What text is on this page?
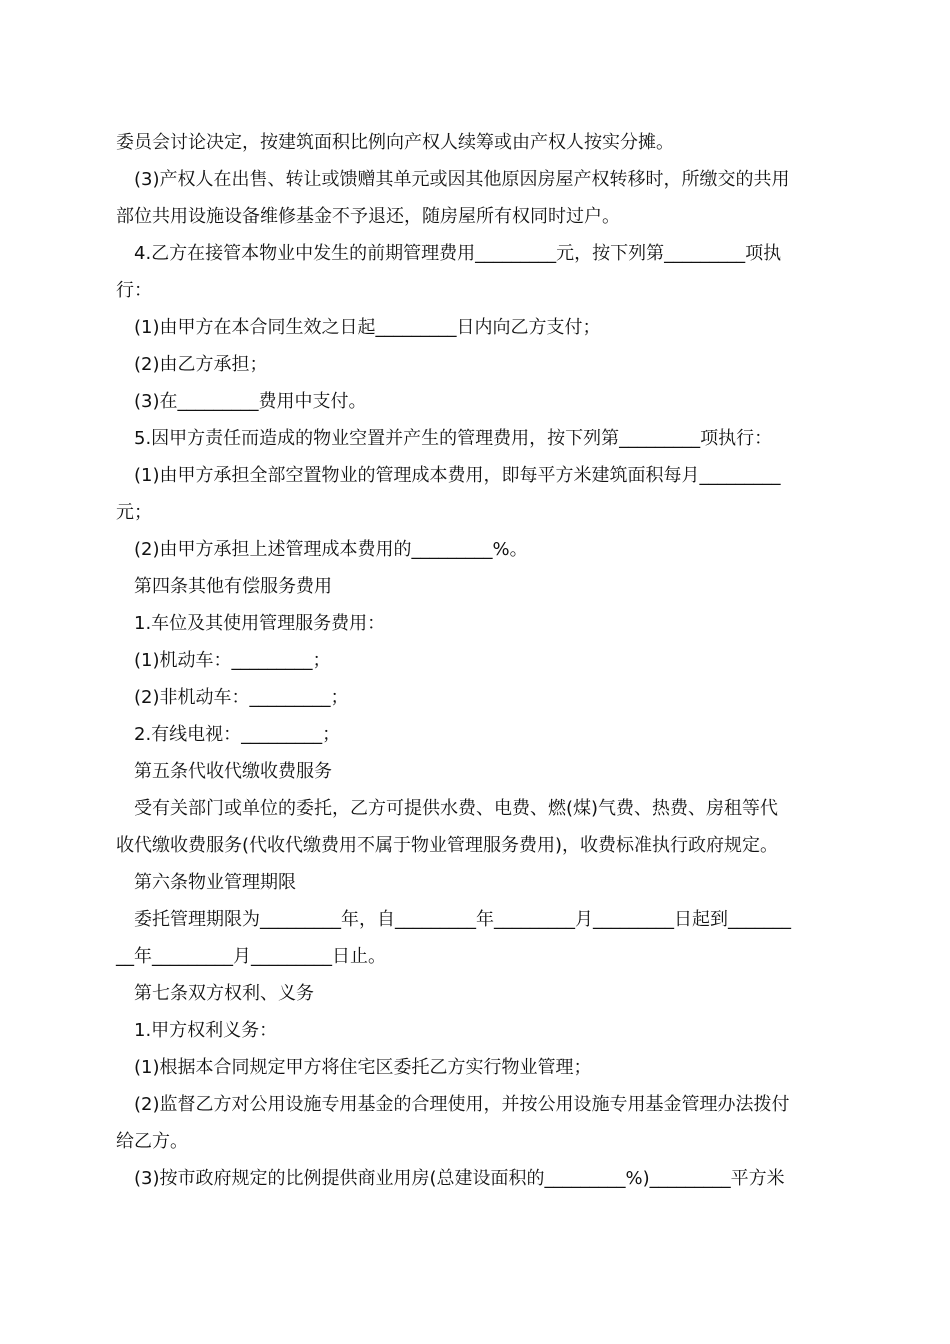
委员会讨论决定，按建筑面积比例向产权人续筹或由产权人按实分摊。

(3)产权人在出售、转让或馈赠其单元或因其他原因房屋产权转移时，所缴交的共用

部位共用设施设备维修基金不予退还，随房屋所有权同时过户。

4.乙方在接管本物业中发生的前期管理费用_________元，按下列第_________项执

行：

(1)由甲方在本合同生效之日起_________日内向乙方支付；

(2)由乙方承担；

(3)在_________费用中支付。

5.因甲方责任而造成的物业空置并产生的管理费用，按下列第_________项执行：

(1)由甲方承担全部空置物业的管理成本费用，即每平方米建筑面积每月_________

元；

(2)由甲方承担上述管理成本费用的_________%。

第四条其他有偿服务费用

1.车位及其使用管理服务费用：

(1)机动车：_________；

(2)非机动车：_________；

2.有线电视：_________；

第五条代收代缴收费服务

受有关部门或单位的委托，乙方可提供水费、电费、燃(煤)气费、热费、房租等代

收代缴收费服务(代收代缴费用不属于物业管理服务费用)，收费标准执行政府规定。

第六条物业管理期限

委托管理期限为_________年，自_________年_________月_________日起到_______

__年_________月_________日止。

第七条双方权利、义务

1.甲方权利义务：

(1)根据本合同规定甲方将住宅区委托乙方实行物业管理；

(2)监督乙方对公用设施专用基金的合理使用，并按公用设施专用基金管理办法拨付

给乙方。

(3)按市政府规定的比例提供商业用房(总建设面积的_________%)_________平方米
